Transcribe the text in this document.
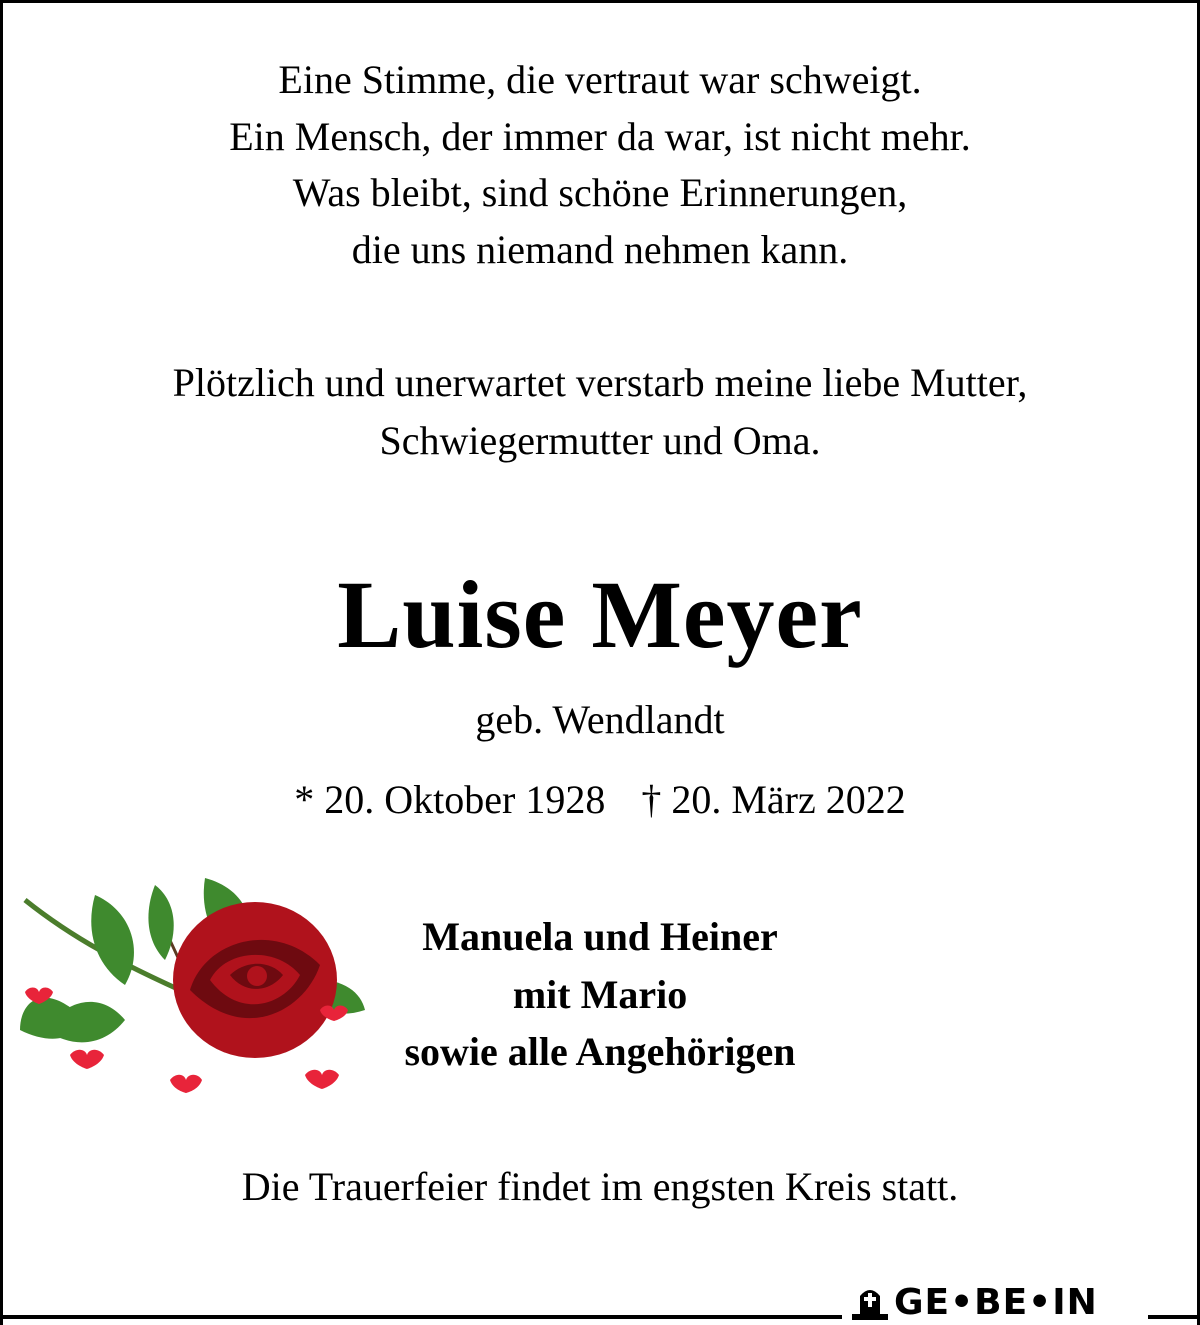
Eine Stimme, die vertraut war schweigt.
Ein Mensch, der immer da war, ist nicht mehr.
Was bleibt, sind schöne Erinnerungen,
die uns niemand nehmen kann.
Plötzlich und unerwartet verstarb meine liebe Mutter,
Schwiegermutter und Oma.
Luise Meyer
geb. Wendlandt
* 20. Oktober 1928 † 20. März 2022
Manuela und Heiner
mit Mario
sowie alle Angehörigen
Die Trauerfeier findet im engsten Kreis statt.
GE•BE•IN
